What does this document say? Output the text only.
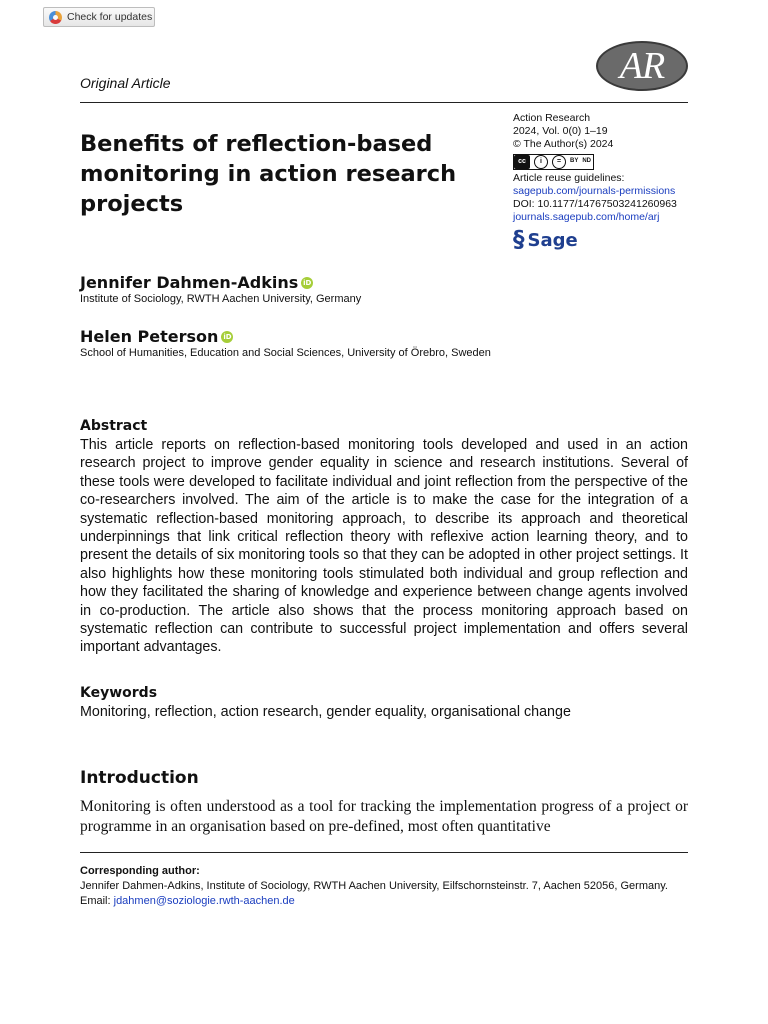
Check for updates
AR
Original Article
Benefits of reflection-based monitoring in action research projects
Action Research
2024, Vol. 0(0) 1–19
© The Author(s) 2024
cc	i	=	BY ND
Article reuse guidelines:
sagepub.com/journals-permissions
DOI: 10.1177/14767503241260963
journals.sagepub.com/home/arj
§ Sage
Jennifer Dahmen-Adkins iD
Institute of Sociology, RWTH Aachen University, Germany
Helen Peterson iD
School of Humanities, Education and Social Sciences, University of Örebro, Sweden
Abstract
This article reports on reflection-based monitoring tools developed and used in an action research project to improve gender equality in science and research institutions. Several of these tools were developed to facilitate individual and joint reflection from the perspective of the co-researchers involved. The aim of the article is to make the case for the integration of a systematic reflection-based monitoring approach, to describe its approach and theoretical underpinnings that link critical reflection theory with reflexive action learning theory, and to present the details of six monitoring tools so that they can be adopted in other project settings. It also highlights how these monitoring tools stimulated both individual and group reflection and how they facilitated the sharing of knowledge and experience between change agents involved in co-production. The article also shows that the process monitoring approach based on systematic reflection can contribute to successful project implementation and offers several important advantages.
Keywords
Monitoring, reflection, action research, gender equality, organisational change
Introduction
Monitoring is often understood as a tool for tracking the implementation progress of a project or programme in an organisation based on pre-defined, most often quantitative
Corresponding author:
Jennifer Dahmen-Adkins, Institute of Sociology, RWTH Aachen University, Eilfschornsteinstr. 7, Aachen 52056, Germany.
Email: jdahmen@soziologie.rwth-aachen.de
